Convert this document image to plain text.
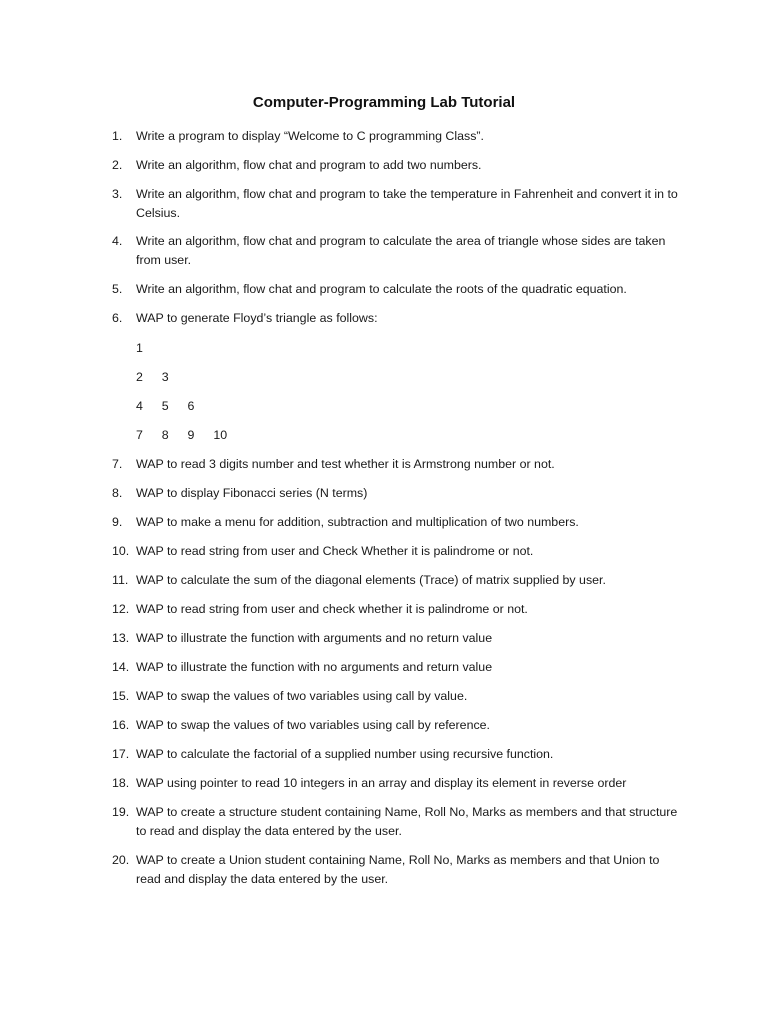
Computer-Programming Lab Tutorial
1.	Write a program to display “Welcome to C programming Class”.
2.	Write an algorithm, flow chat and program to add two numbers.
3.	Write an algorithm, flow chat and program to take the temperature in Fahrenheit and convert it in to Celsius.
4.	Write an algorithm, flow chat and program to calculate the area of triangle whose sides are taken from user.
5.	Write an algorithm, flow chat and program to calculate the roots of the quadratic equation.
6.	WAP to generate Floyd’s triangle as follows:
1
2  3
4  5  6
7  8  9  10
7.	WAP to read 3 digits number and test whether it is Armstrong number or not.
8.	WAP to display Fibonacci series (N terms)
9.	WAP to make a menu for addition, subtraction and multiplication of two numbers.
10. WAP to read string from user and Check Whether it is palindrome or not.
11. WAP to calculate the sum of the diagonal elements (Trace) of matrix supplied by user.
12. WAP to read string from user and check whether it is palindrome or not.
13. WAP to illustrate the function with arguments and no return value
14. WAP to illustrate the function with no arguments and return value
15. WAP to swap the values of two variables using call by value.
16. WAP to swap the values of two variables using call by reference.
17. WAP to calculate the factorial of a supplied number using recursive function.
18. WAP using pointer to read 10 integers in an array and display its element in reverse order
19. WAP to create a structure student containing Name, Roll No, Marks as members and that structure to read and display the data entered by the user.
20. WAP to create a Union student containing Name, Roll No, Marks as members and that Union to read and display the data entered by the user.
